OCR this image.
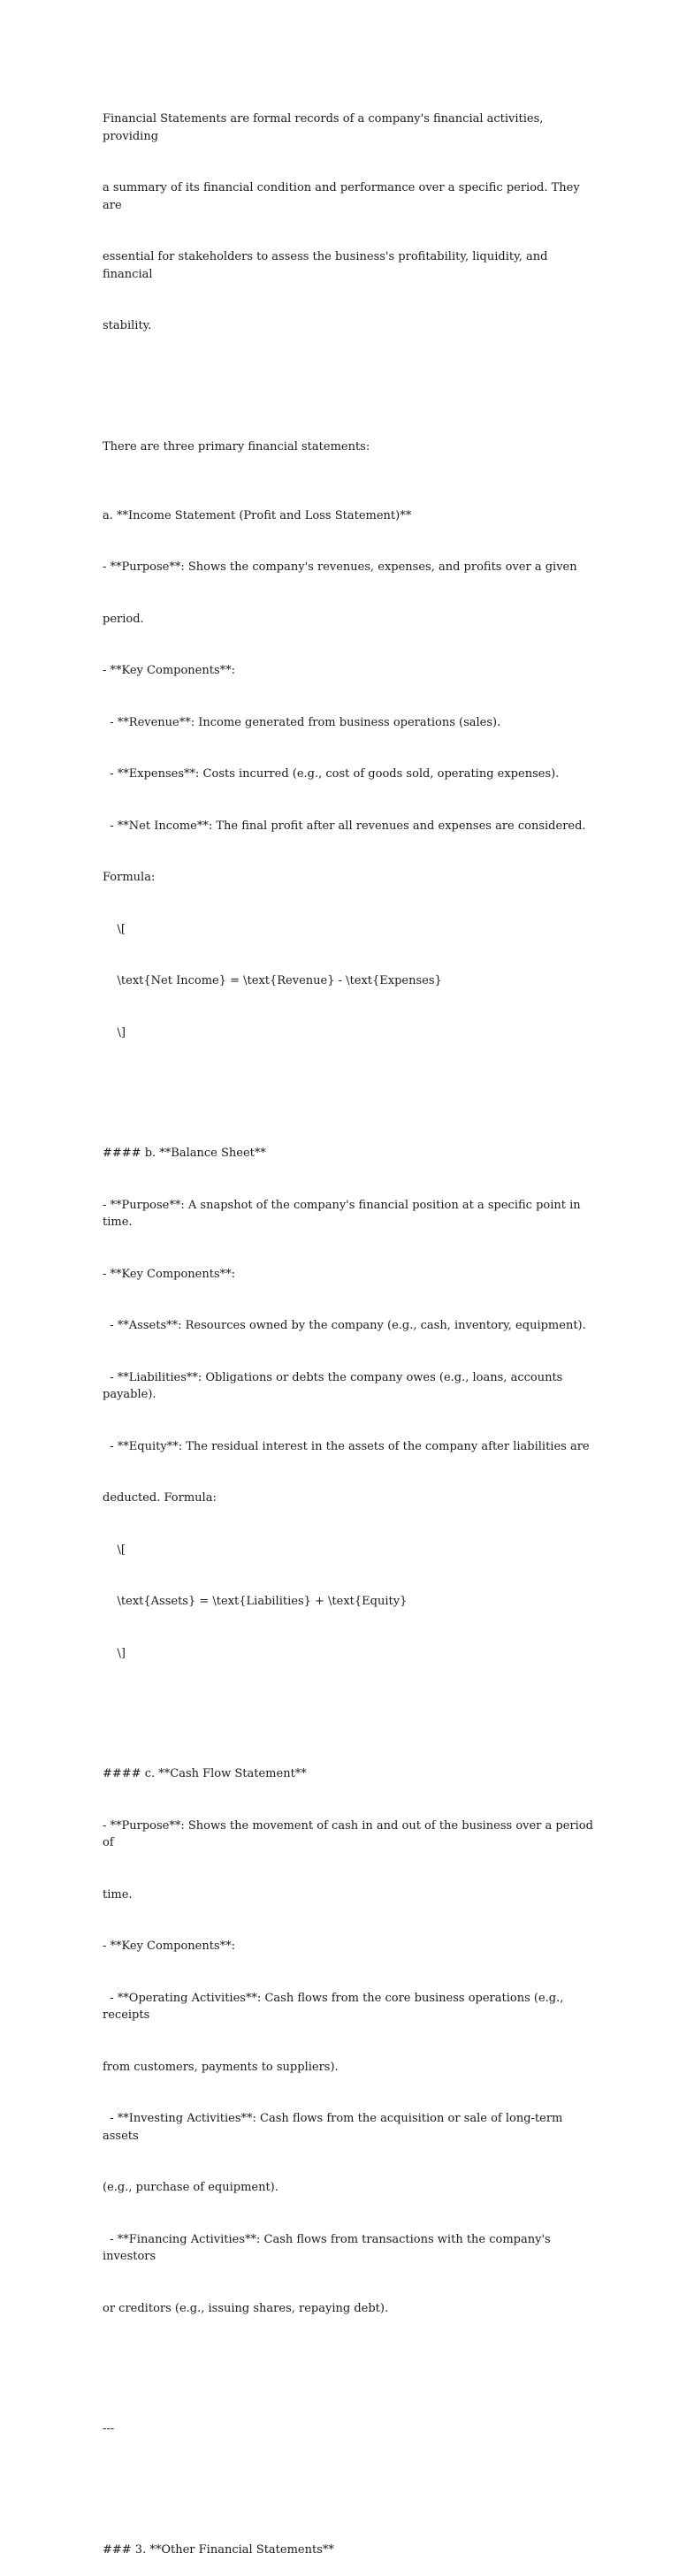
Financial Statements are formal records of a company's financial activities, providing

a summary of its financial condition and performance over a specific period. They are

essential for stakeholders to assess the business's profitability, liquidity, and financial

stability.

There are three primary financial statements:

a. **Income Statement (Profit and Loss Statement)**

- **Purpose**: Shows the company's revenues, expenses, and profits over a given

period.

- **Key Components**:

- **Revenue**: Income generated from business operations (sales).

- **Expenses**: Costs incurred (e.g., cost of goods sold, operating expenses).

- **Net Income**: The final profit after all revenues and expenses are considered.

Formula:

\[

\text{Net Income} = \text{Revenue} - \text{Expenses}

\]

#### b. **Balance Sheet**

- **Purpose**: A snapshot of the company's financial position at a specific point in time.

- **Key Components**:

- **Assets**: Resources owned by the company (e.g., cash, inventory, equipment).

- **Liabilities**: Obligations or debts the company owes (e.g., loans, accounts payable).

- **Equity**: The residual interest in the assets of the company after liabilities are

deducted. Formula:

\[

\text{Assets} = \text{Liabilities} + \text{Equity}

\]

#### c. **Cash Flow Statement**

- **Purpose**: Shows the movement of cash in and out of the business over a period of

time.

- **Key Components**:

- **Operating Activities**: Cash flows from the core business operations (e.g., receipts

from customers, payments to suppliers).

- **Investing Activities**: Cash flows from the acquisition or sale of long-term assets

(e.g., purchase of equipment).

- **Financing Activities**: Cash flows from transactions with the company's investors

or creditors (e.g., issuing shares, repaying debt).

---

### 3. **Other Financial Statements**
